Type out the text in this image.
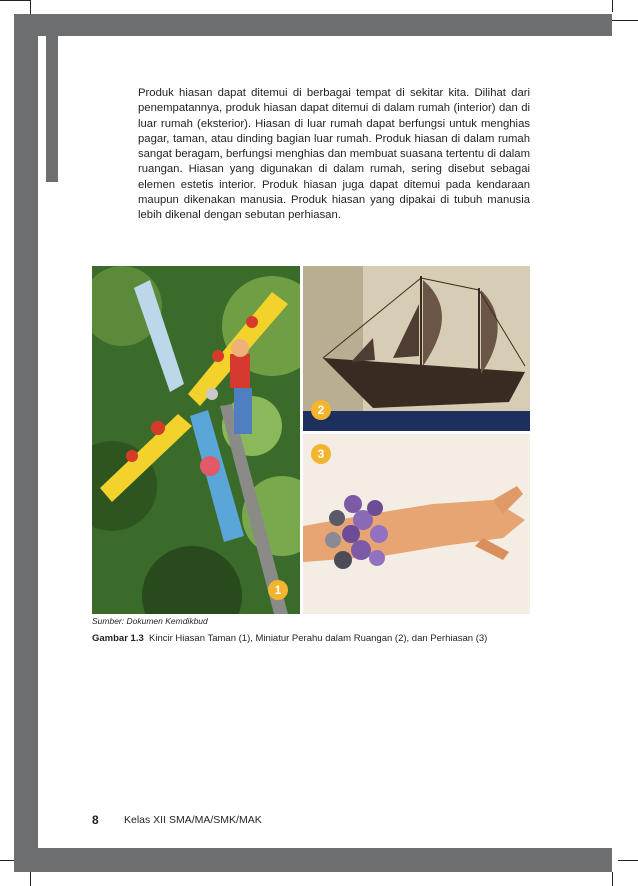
Produk hiasan dapat ditemui di berbagai tempat di sekitar kita. Dilihat dari penempatannya, produk hiasan dapat ditemui di dalam rumah (interior) dan di luar rumah (eksterior). Hiasan di luar rumah dapat berfungsi untuk menghias pagar, taman, atau dinding bagian luar rumah. Produk hiasan di dalam rumah sangat beragam, berfungsi menghias dan membuat suasana tertentu di dalam ruangan. Hiasan yang digunakan di dalam rumah, sering disebut sebagai elemen estetis interior. Produk hiasan juga dapat ditemui pada kendaraan maupun dikenakan manusia. Produk hiasan yang dipakai di tubuh manusia lebih dikenal dengan sebutan perhiasan.

1
2
3
Sumber: Dokumen Kemdikbud
Gambar 1.3 Kincir Hiasan Taman (1), Miniatur Perahu dalam Ruangan (2), dan Perhiasan (3)
8 Kelas XII SMA/MA/SMK/MAK
